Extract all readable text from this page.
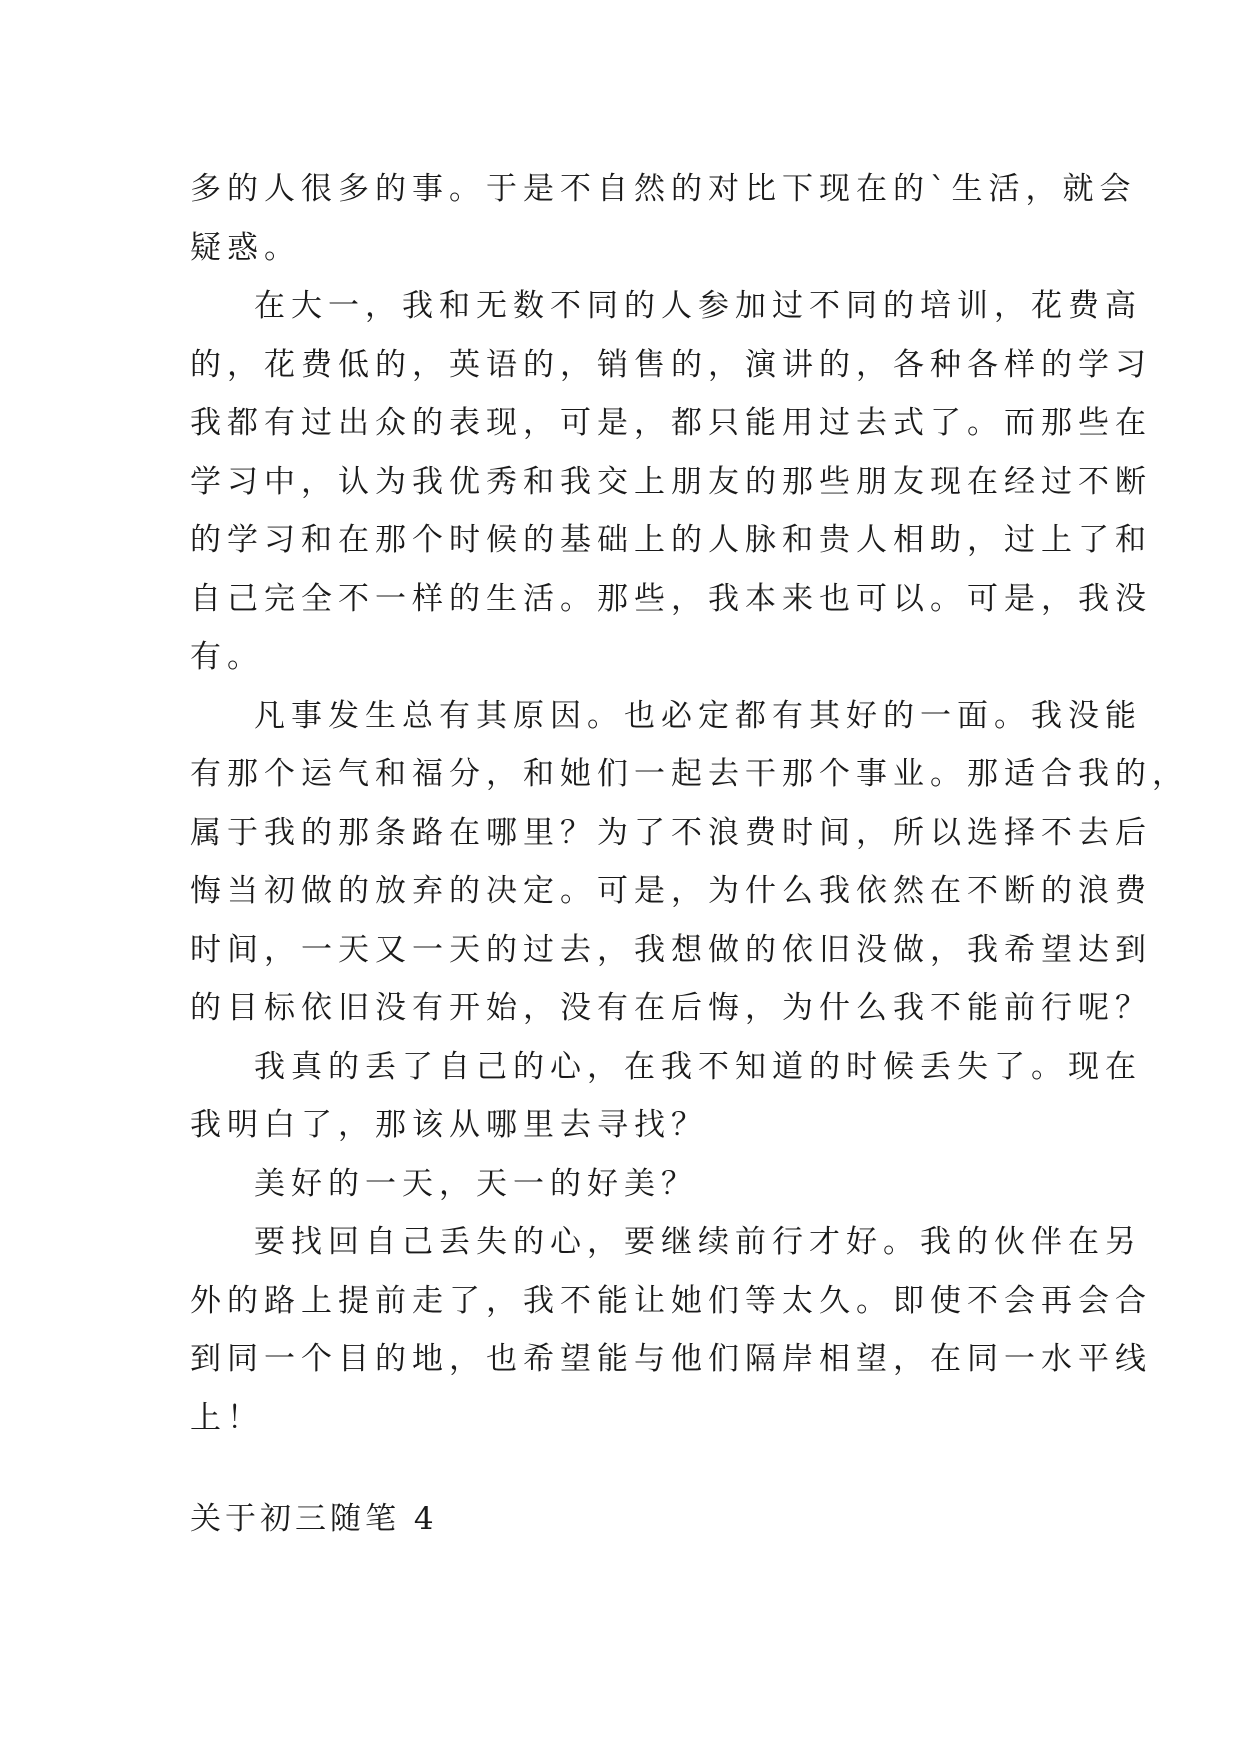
多的人很多的事。于是不自然的对比下现在的`生活，就会
疑惑。
在大一，我和无数不同的人参加过不同的培训，花费高
的，花费低的，英语的，销售的，演讲的，各种各样的学习
我都有过出众的表现，可是，都只能用过去式了。而那些在
学习中，认为我优秀和我交上朋友的那些朋友现在经过不断
的学习和在那个时候的基础上的人脉和贵人相助，过上了和
自己完全不一样的生活。那些，我本来也可以。可是，我没
有。
凡事发生总有其原因。也必定都有其好的一面。我没能
有那个运气和福分，和她们一起去干那个事业。那适合我的，
属于我的那条路在哪里？为了不浪费时间，所以选择不去后
悔当初做的放弃的决定。可是，为什么我依然在不断的浪费
时间，一天又一天的过去，我想做的依旧没做，我希望达到
的目标依旧没有开始，没有在后悔，为什么我不能前行呢？
我真的丢了自己的心，在我不知道的时候丢失了。现在
我明白了，那该从哪里去寻找？
美好的一天，天一的好美？
要找回自己丢失的心，要继续前行才好。我的伙伴在另
外的路上提前走了，我不能让她们等太久。即使不会再会合
到同一个目的地，也希望能与他们隔岸相望，在同一水平线
上！
关于初三随笔 4
